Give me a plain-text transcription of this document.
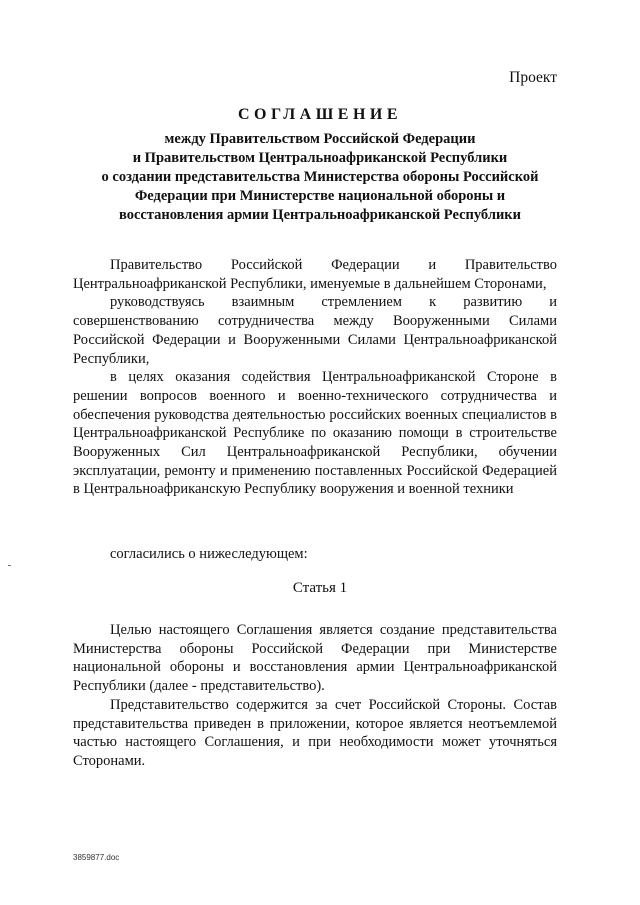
Проект
СОГЛАШЕНИЕ
между Правительством Российской Федерации
и Правительством Центральноафриканской Республики
о создании представительства Министерства обороны Российской
Федерации при Министерстве национальной обороны и
восстановления армии Центральноафриканской Республики

Правительство Российской Федерации и Правительство Центральноафриканской Республики, именуемые в дальнейшем Сторонами,

руководствуясь взаимным стремлением к развитию и совершенствованию сотрудничества между Вооруженными Силами Российской Федерации и Вооруженными Силами Центральноафриканской Республики,

в целях оказания содействия Центральноафриканской Стороне в решении вопросов военного и военно-технического сотрудничества и обеспечения руководства деятельностью российских военных специалистов в Центральноафриканской Республике по оказанию помощи в строительстве Вооруженных Сил Центральноафриканской Республики, обучении эксплуатации, ремонту и применению поставленных Российской Федерацией в Центральноафриканскую Республику вооружения и военной техники

согласились о нижеследующем:
Статья 1

Целью настоящего Соглашения является создание представительства Министерства обороны Российской Федерации при Министерстве национальной обороны и восстановления армии Центральноафриканской Республики (далее - представительство).

Представительство содержится за счет Российской Стороны. Состав представительства приведен в приложении, которое является неотъемлемой частью настоящего Соглашения, и при необходимости может уточняться Сторонами.

3859877.doc
